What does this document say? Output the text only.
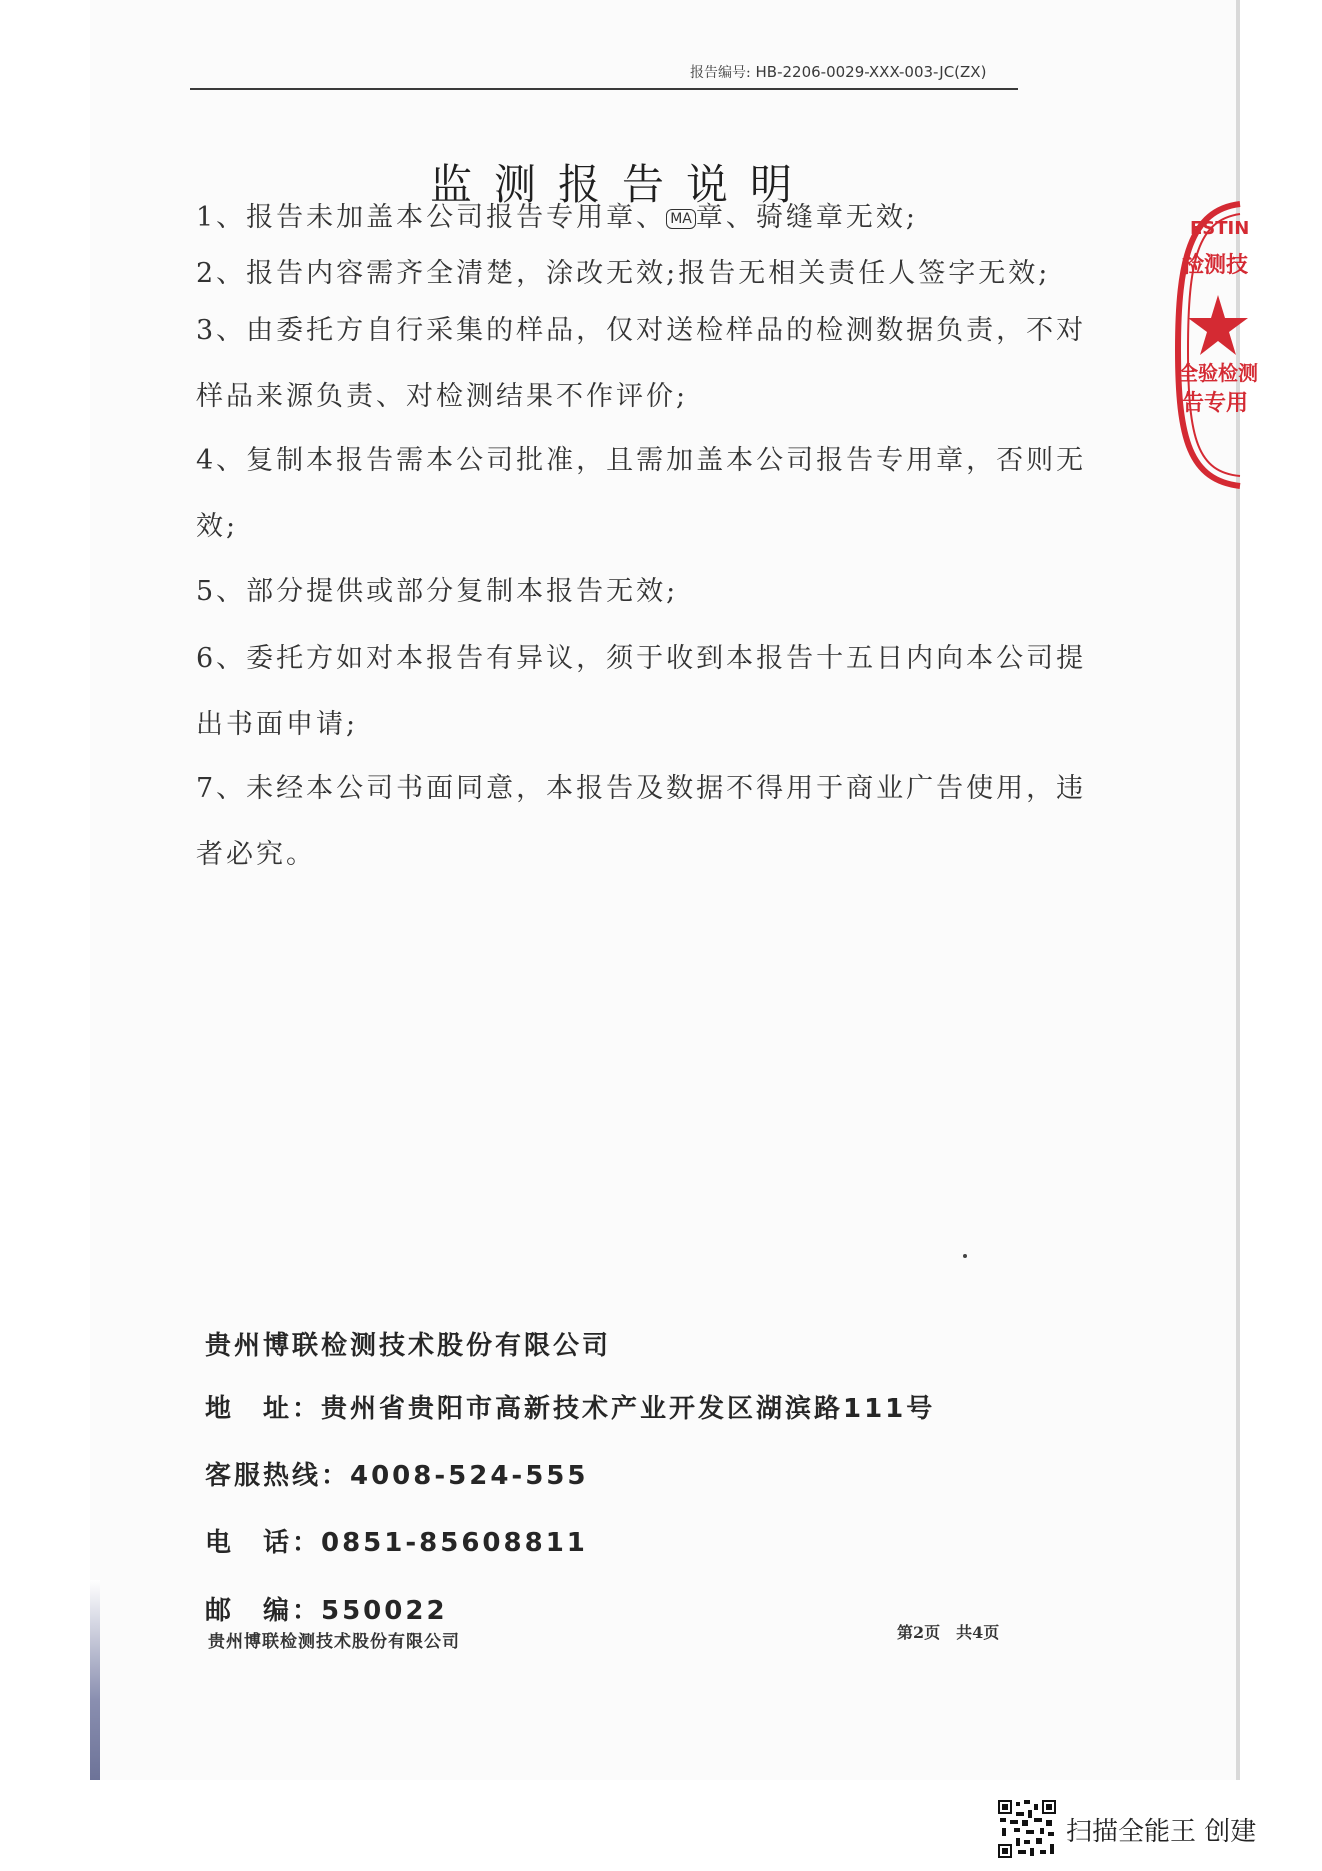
报告编号: HB-2206-0029-XXX-003-JC(ZX)
监测报告说明
1、报告未加盖本公司报告专用章、 MA 章、骑缝章无效;
2、报告内容需齐全清楚，涂改无效;报告无相关责任人签字无效;
3、由委托方自行采集的样品，仅对送检样品的检测数据负责，不对
样品来源负责、对检测结果不作评价;
4、复制本报告需本公司批准，且需加盖本公司报告专用章，否则无
效;
5、部分提供或部分复制本报告无效;
6、委托方如对本报告有异议，须于收到本报告十五日内向本公司提
出书面申请;
7、未经本公司书面同意，本报告及数据不得用于商业广告使用，违
者必究。
贵州博联检测技术股份有限公司
地　址：贵州省贵阳市高新技术产业开发区湖滨路111号
客服热线：4008-524-555
电　话：0851-85608811
邮　编：550022
贵州博联检测技术股份有限公司	第2页　共4页
ESTIN
检测技
全验检测
告专用
扫描全能王 创建
